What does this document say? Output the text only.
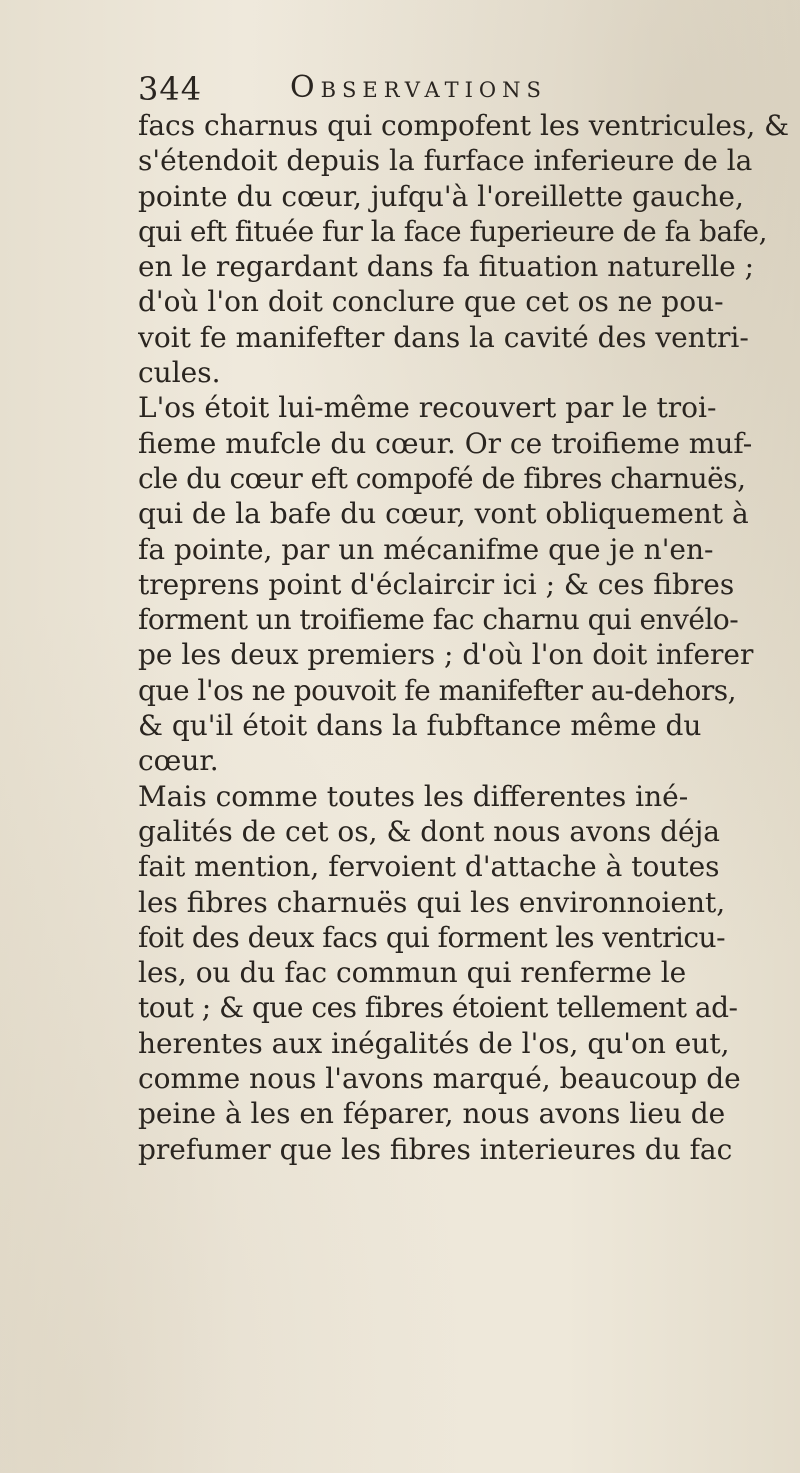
344	Observations
facs charnus qui compofent les ventricules, &
s'étendoit depuis la furface inferieure de la
pointe du cœur, jufqu'à l'oreillette gauche,
qui eft fituée fur la face fuperieure de fa bafe,
en le regardant dans fa fituation naturelle ;
d'où l'on doit conclure que cet os ne pou-
voit fe manifefter dans la cavité des ventri-
cules.
L'os étoit lui-même recouvert par le troi-
fieme mufcle du cœur. Or ce troifieme muf-
cle du cœur eft compofé de fibres charnuës,
qui de la bafe du cœur, vont obliquement à
fa pointe, par un mécanifme que je n'en-
treprens point d'éclaircir ici ; & ces fibres
forment un troifieme fac charnu qui envélo-
pe les deux premiers ; d'où l'on doit inferer
que l'os ne pouvoit fe manifefter au-dehors,
& qu'il étoit dans la fubftance même du
cœur.
Mais comme toutes les differentes iné-
galités de cet os, & dont nous avons déja
fait mention, fervoient d'attache à toutes
les fibres charnuës qui les environnoient,
foit des deux facs qui forment les ventricu-
les, ou du fac commun qui renferme le
tout ; & que ces fibres étoient tellement ad-
herentes aux inégalités de l'os, qu'on eut,
comme nous l'avons marqué, beaucoup de
peine à les en féparer, nous avons lieu de
prefumer que les fibres interieures du fac
